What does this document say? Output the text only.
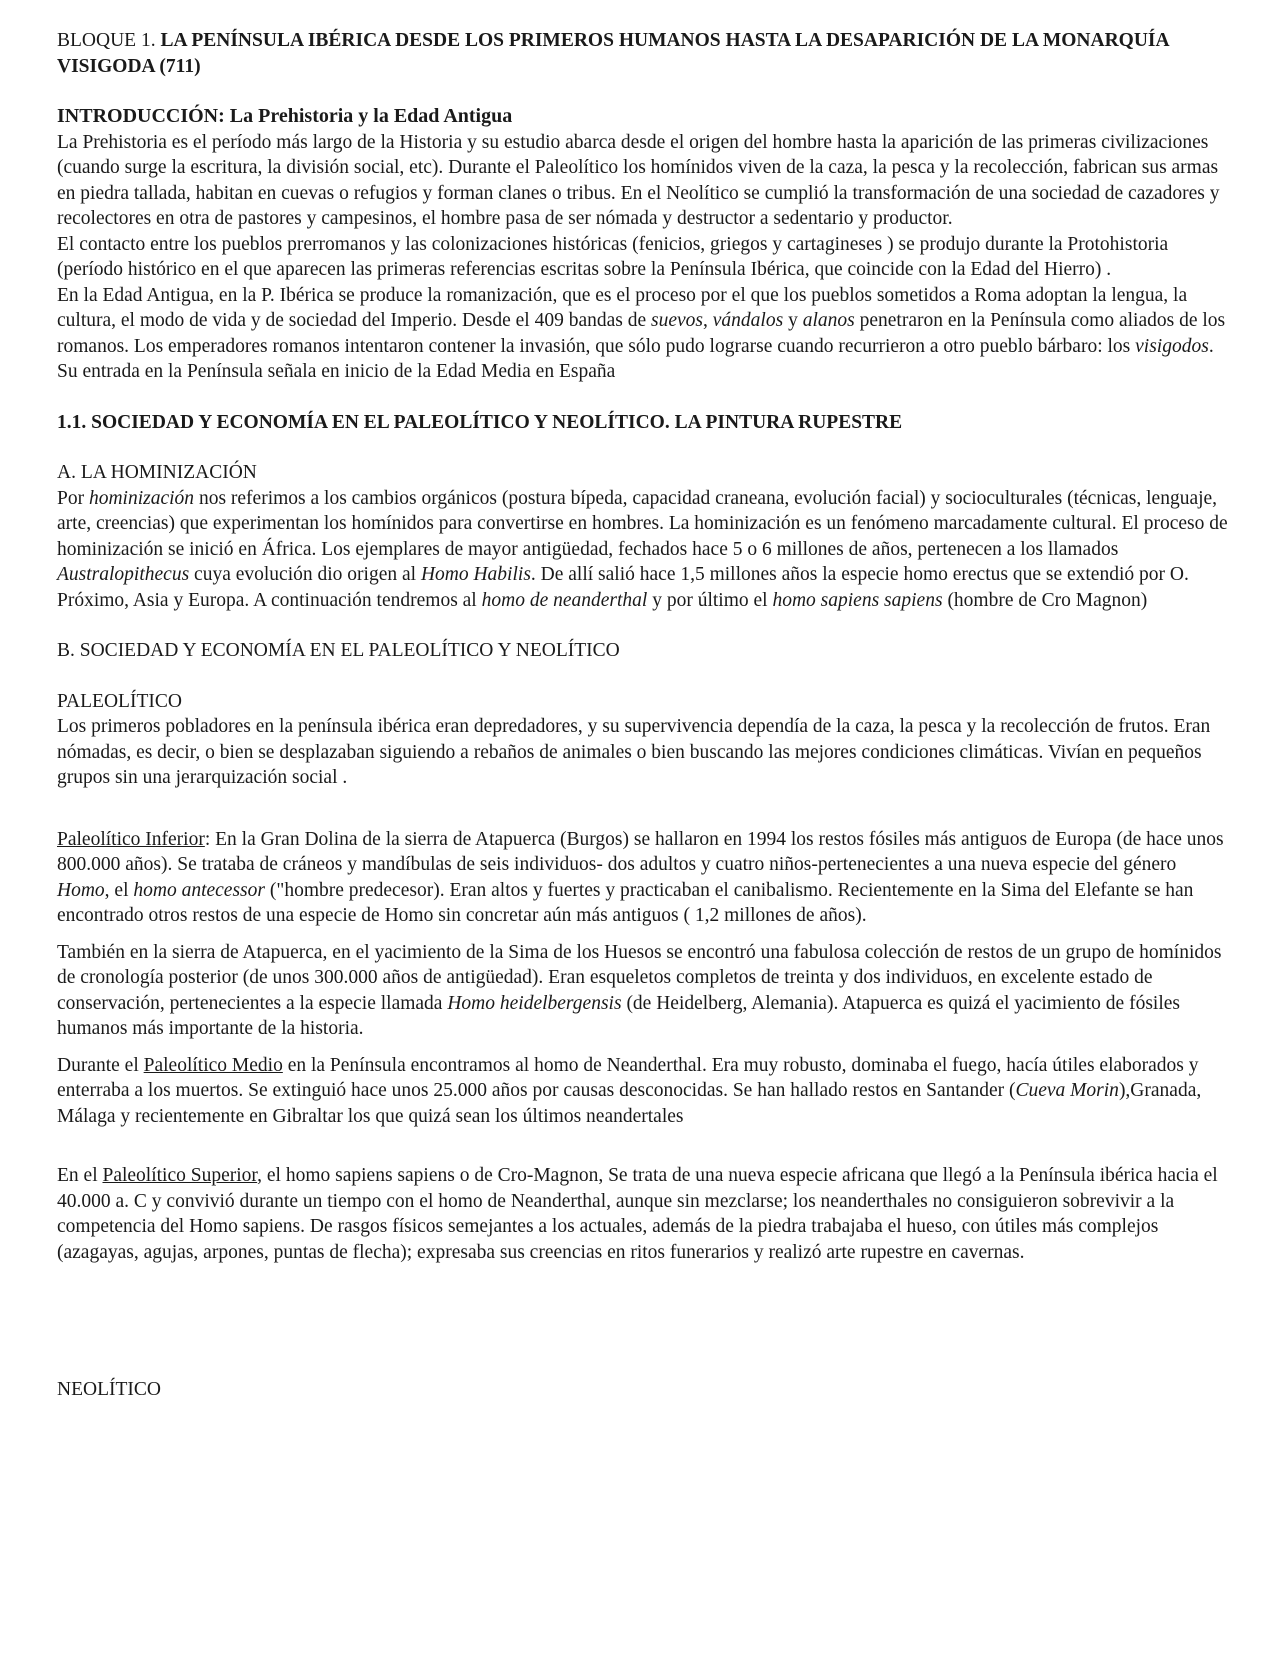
BLOQUE 1. LA PENÍNSULA IBÉRICA DESDE LOS PRIMEROS HUMANOS HASTA LA DESAPARICIÓN DE LA MONARQUÍA VISIGODA (711)

INTRODUCCIÓN: La Prehistoria y la Edad Antigua

La Prehistoria es el período más largo de la Historia y su estudio abarca desde el origen del hombre hasta la aparición de las primeras civilizaciones (cuando surge la escritura, la división social, etc). Durante el Paleolítico los homínidos viven de la caza, la pesca y la recolección, fabrican sus armas en piedra tallada, habitan en cuevas o refugios y forman clanes o tribus. En el Neolítico se cumplió la transformación de una sociedad de cazadores y recolectores en otra de pastores y campesinos, el hombre pasa de ser nómada y destructor a sedentario y productor.

El contacto entre los pueblos prerromanos y las colonizaciones históricas (fenicios, griegos y cartagineses ) se produjo durante la Protohistoria (período histórico en el que aparecen las primeras referencias escritas sobre la Península Ibérica, que coincide con la Edad del Hierro) .

En la Edad Antigua, en la P. Ibérica se produce la romanización, que es el proceso por el que los pueblos sometidos a Roma adoptan la lengua, la cultura, el modo de vida y de sociedad del Imperio. Desde el 409 bandas de suevos, vándalos y alanos penetraron en la Península como aliados de los romanos. Los emperadores romanos intentaron contener la invasión, que sólo pudo lograrse cuando recurrieron a otro pueblo bárbaro: los visigodos. Su entrada en la Península señala en inicio de la Edad Media en España

1.1. SOCIEDAD Y ECONOMÍA EN EL PALEOLÍTICO Y NEOLÍTICO. LA PINTURA RUPESTRE

A. LA HOMINIZACIÓN

Por hominización nos referimos a los cambios orgánicos (postura bípeda, capacidad craneana, evolución facial) y socioculturales (técnicas, lenguaje, arte, creencias) que experimentan los homínidos para convertirse en hombres. La hominización es un fenómeno marcadamente cultural. El proceso de hominización se inició en África. Los ejemplares de mayor antigüedad, fechados hace 5 o 6 millones de años, pertenecen a los llamados Australopithecus cuya evolución dio origen al Homo Habilis. De allí salió hace 1,5 millones años la especie homo erectus que se extendió por O. Próximo, Asia y Europa. A continuación tendremos al homo de neanderthal y por último el homo sapiens sapiens (hombre de Cro Magnon)

B. SOCIEDAD Y ECONOMÍA EN EL PALEOLÍTICO Y NEOLÍTICO

PALEOLÍTICO

Los primeros pobladores en la península ibérica eran depredadores, y su supervivencia dependía de la caza, la pesca y la recolección de frutos. Eran nómadas, es decir, o bien se desplazaban siguiendo a rebaños de animales o bien buscando las mejores condiciones climáticas. Vivían en pequeños grupos sin una jerarquización social .

Paleolítico Inferior: En la Gran Dolina de la sierra de Atapuerca (Burgos) se hallaron en 1994 los restos fósiles más antiguos de Europa (de hace unos 800.000 años). Se trataba de cráneos y mandíbulas de seis individuos- dos adultos y cuatro niños-pertenecientes a una nueva especie del género Homo, el homo antecessor ("hombre predecesor). Eran altos y fuertes y practicaban el canibalismo. Recientemente en la Sima del Elefante se han encontrado otros restos de una especie de Homo sin concretar aún más antiguos ( 1,2 millones de años).

También en la sierra de Atapuerca, en el yacimiento de la Sima de los Huesos se encontró una fabulosa colección de restos de un grupo de homínidos de cronología posterior (de unos 300.000 años de antigüedad). Eran esqueletos completos de treinta y dos individuos, en excelente estado de conservación, pertenecientes a la especie llamada Homo heidelbergensis (de Heidelberg, Alemania). Atapuerca es quizá el yacimiento de fósiles humanos más importante de la historia.

Durante el Paleolítico Medio en la Península encontramos al homo de Neanderthal. Era muy robusto, dominaba el fuego, hacía útiles elaborados y enterraba a los muertos. Se extinguió hace unos 25.000 años por causas desconocidas. Se han hallado restos en Santander (Cueva Morin),Granada, Málaga y recientemente en Gibraltar los que quizá sean los últimos neandertales

En el Paleolítico Superior, el homo sapiens sapiens o de Cro-Magnon, Se trata de una nueva especie africana que llegó a la Península ibérica hacia el 40.000 a. C y convivió durante un tiempo con el homo de Neanderthal, aunque sin mezclarse; los neanderthales no consiguieron sobrevivir a la competencia del Homo sapiens. De rasgos físicos semejantes a los actuales, además de la piedra trabajaba el hueso, con útiles más complejos (azagayas, agujas, arpones, puntas de flecha); expresaba sus creencias en ritos funerarios y realizó arte rupestre en cavernas.

NEOLÍTICO
